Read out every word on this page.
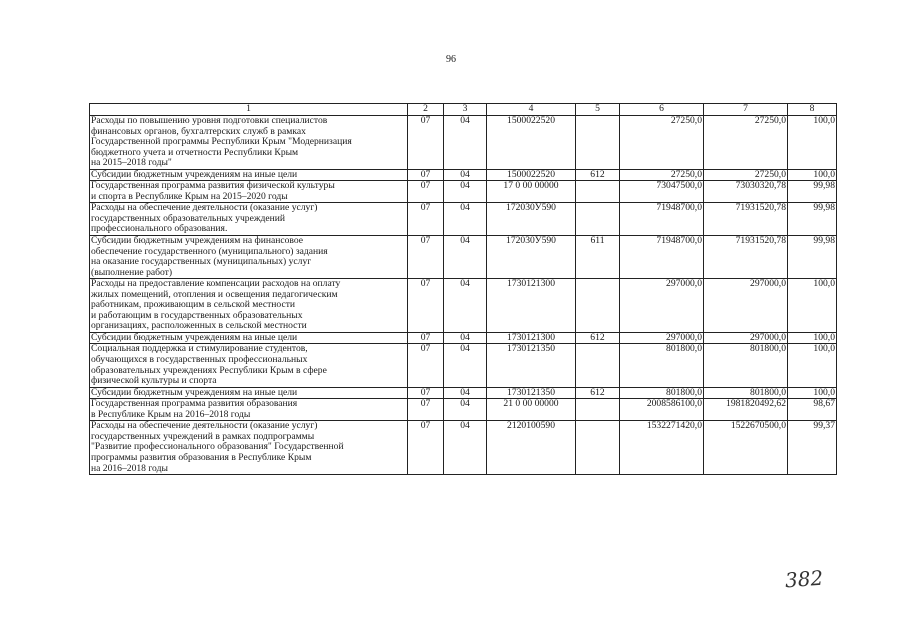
96
1	2	3	4	5	6	7	8
Расходы по повышению уровня подготовки специалистов
финансовых органов, бухгалтерских служб в рамках
Государственной программы Республики Крым "Модернизация
бюджетного учета и отчетности Республики Крым
на 2015–2018 годы"	07	04	1500022520		27250,0	27250,0	100,0
Субсидии бюджетным учреждениям на иные цели	07	04	1500022520	612	27250,0	27250,0	100,0
Государственная программа развития физической культуры
и спорта в Республике Крым на 2015–2020 годы	07	04	17 0 00 00000		73047500,0	73030320,78	99,98
Расходы на обеспечение деятельности (оказание услуг)
государственных образовательных учреждений
профессионального образования.	07	04	172030У590		71948700,0	71931520,78	99,98
Субсидии бюджетным учреждениям на финансовое
обеспечение государственного (муниципального) задания
на оказание государственных (муниципальных) услуг
(выполнение работ)	07	04	172030У590	611	71948700,0	71931520,78	99,98
Расходы на предоставление компенсации расходов на оплату
жилых помещений, отопления и освещения педагогическим
работникам, проживающим в сельской местности
и работающим в государственных образовательных
организациях, расположенных в сельской местности	07	04	1730121300		297000,0	297000,0	100,0
Субсидии бюджетным учреждениям на иные цели	07	04	1730121300	612	297000,0	297000,0	100,0
Социальная поддержка и стимулирование студентов,
обучающихся в государственных профессиональных
образовательных учреждениях Республики Крым в сфере
физической культуры и спорта	07	04	1730121350		801800,0	801800,0	100,0
Субсидии бюджетным учреждениям на иные цели	07	04	1730121350	612	801800,0	801800,0	100,0
Государственная программа развития образования
в Республике Крым на 2016–2018 годы	07	04	21 0 00 00000		2008586100,0	1981820492,62	98,67
Расходы на обеспечение деятельности (оказание услуг)
государственных учреждений в рамках подпрограммы
"Развитие профессионального образования" Государственной
программы развития образования в Республике Крым
на 2016–2018 годы	07	04	2120100590		1532271420,0	1522670500,0	99,37
382
